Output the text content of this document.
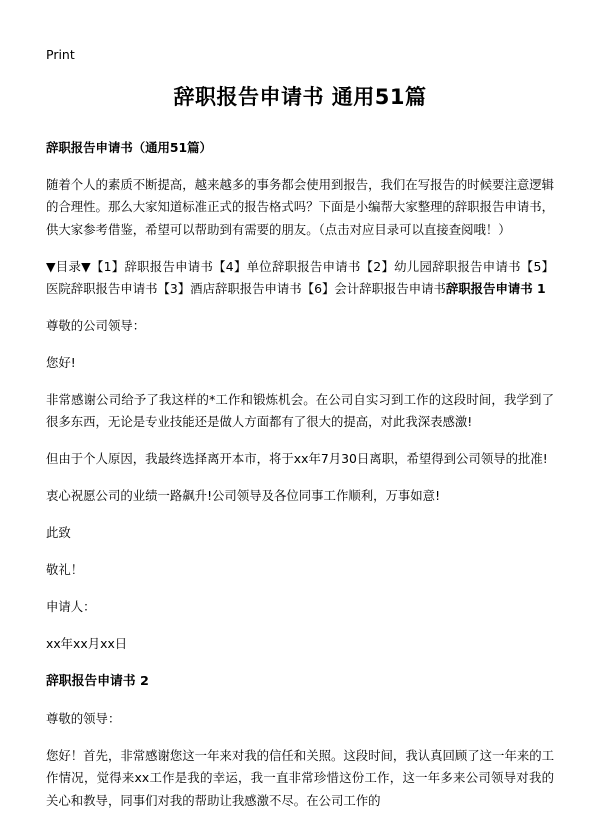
Print
辞职报告申请书 通用51篇

辞职报告申请书（通用51篇）

随着个人的素质不断提高，越来越多的事务都会使用到报告，我们在写报告的时候要注意逻辑的合理性。那么大家知道标准正式的报告格式吗？下面是小编帮大家整理的辞职报告申请书，供大家参考借鉴，希望可以帮助到有需要的朋友。（点击对应目录可以直接查阅哦！）

▼目录▼【1】辞职报告申请书【4】单位辞职报告申请书【2】幼儿园辞职报告申请书【5】医院辞职报告申请书【3】酒店辞职报告申请书【6】会计辞职报告申请书辞职报告申请书 1

尊敬的公司领导：

您好!

非常感谢公司给予了我这样的*工作和锻炼机会。在公司自实习到工作的这段时间，我学到了很多东西，无论是专业技能还是做人方面都有了很大的提高，对此我深表感激!

但由于个人原因，我最终选择离开本市，将于xx年7月30日离职，希望得到公司领导的批准!

衷心祝愿公司的业绩一路飙升!公司领导及各位同事工作顺利，万事如意!

此致

敬礼！

申请人：

xx年xx月xx日

辞职报告申请书 2

尊敬的领导：

您好！首先，非常感谢您这一年来对我的信任和关照。这段时间，我认真回顾了这一年来的工作情况，觉得来xx工作是我的幸运，我一直非常珍惜这份工作，这一年多来公司领导对我的关心和教导，同事们对我的帮助让我感激不尽。在公司工作的
